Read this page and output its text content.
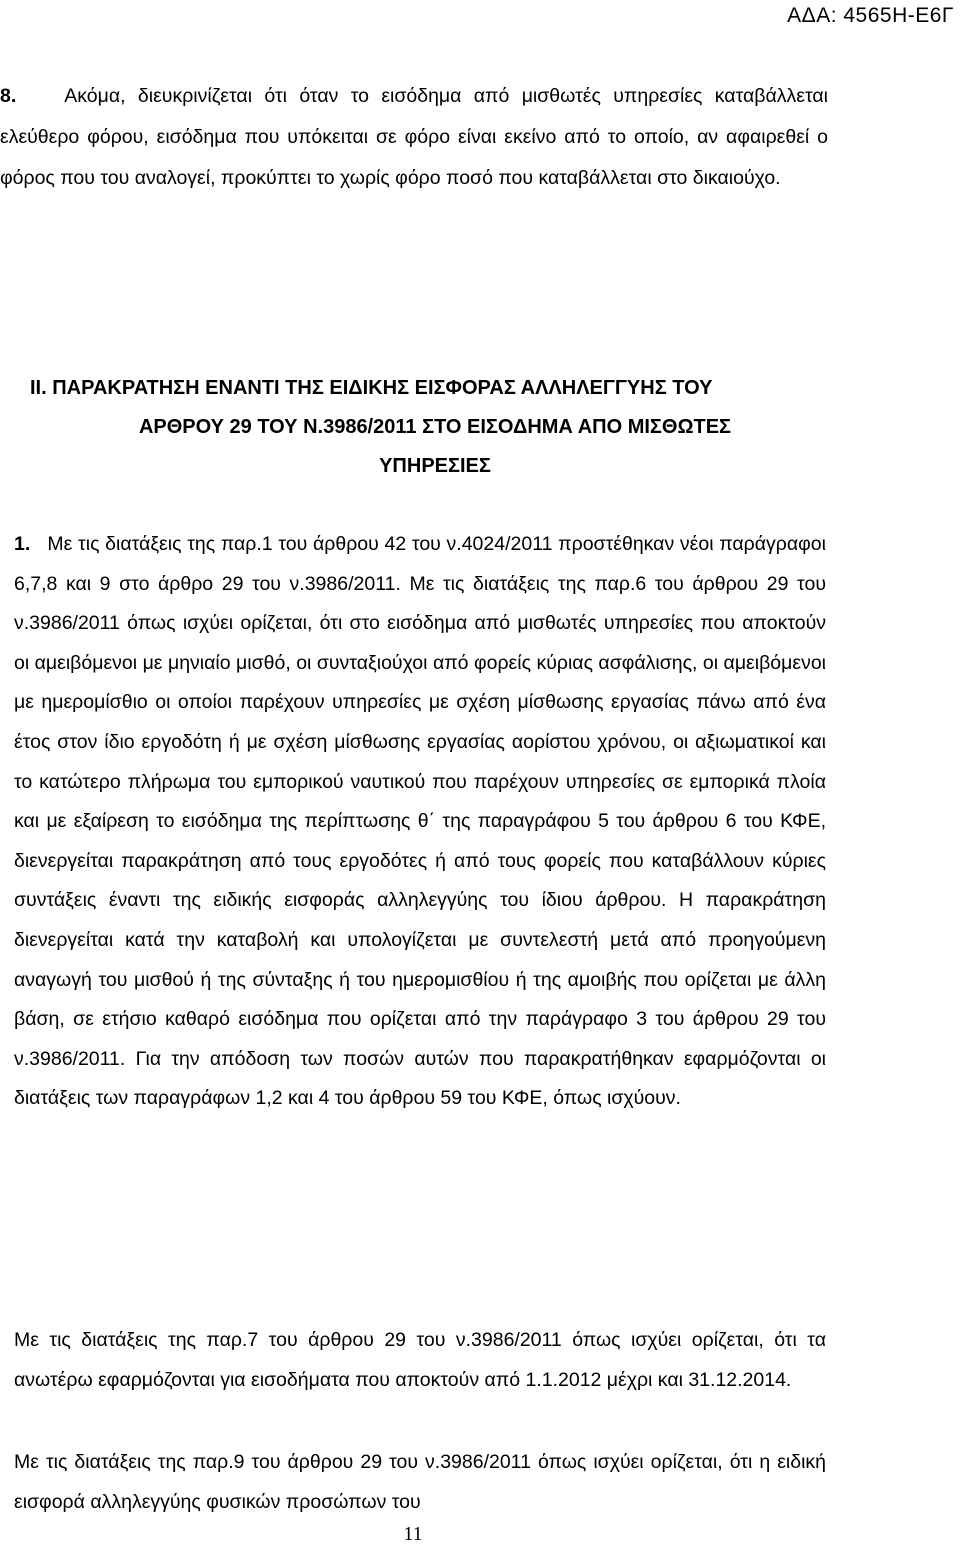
ΑΔΑ: 4565Η-Ε6Γ

8. Ακόμα, διευκρινίζεται ότι όταν το εισόδημα από μισθωτές υπηρεσίες καταβάλλεται ελεύθερο φόρου, εισόδημα που υπόκειται σε φόρο είναι εκείνο από το οποίο, αν αφαιρεθεί ο φόρος που του αναλογεί, προκύπτει το χωρίς φόρο ποσό που καταβάλλεται στο δικαιούχο.

ΙΙ. ΠΑΡΑΚΡΑΤΗΣΗ ΕΝΑΝΤΙ ΤΗΣ ΕΙΔΙΚΗΣ ΕΙΣΦΟΡΑΣ ΑΛΛΗΛΕΓΓΥΗΣ ΤΟΥ
ΑΡΘΡΟΥ 29 ΤΟΥ Ν.3986/2011 ΣΤΟ ΕΙΣΟΔΗΜΑ ΑΠΟ ΜΙΣΘΩΤΕΣ
ΥΠΗΡΕΣΙΕΣ

1. Με τις διατάξεις της παρ.1 του άρθρου 42 του ν.4024/2011 προστέθηκαν νέοι παράγραφοι 6,7,8 και 9 στο άρθρο 29 του ν.3986/2011. Με τις διατάξεις της παρ.6 του άρθρου 29 του ν.3986/2011 όπως ισχύει ορίζεται, ότι στο εισόδημα από μισθωτές υπηρεσίες που αποκτούν οι αμειβόμενοι με μηνιαίο μισθό, οι συνταξιούχοι από φορείς κύριας ασφάλισης, οι αμειβόμενοι με ημερομίσθιο οι οποίοι παρέχουν υπηρεσίες με σχέση μίσθωσης εργασίας πάνω από ένα έτος στον ίδιο εργοδότη ή με σχέση μίσθωσης εργασίας αορίστου χρόνου, οι αξιωματικοί και το κατώτερο πλήρωμα του εμπορικού ναυτικού που παρέχουν υπηρεσίες σε εμπορικά πλοία και με εξαίρεση το εισόδημα της περίπτωσης θ΄ της παραγράφου 5 του άρθρου 6 του ΚΦΕ, διενεργείται παρακράτηση από τους εργοδότες ή από τους φορείς που καταβάλλουν κύριες συντάξεις έναντι της ειδικής εισφοράς αλληλεγγύης του ίδιου άρθρου. Η παρακράτηση διενεργείται κατά την καταβολή και υπολογίζεται με συντελεστή μετά από προηγούμενη αναγωγή του μισθού ή της σύνταξης ή του ημερομισθίου ή της αμοιβής που ορίζεται με άλλη βάση, σε ετήσιο καθαρό εισόδημα που ορίζεται από την παράγραφο 3 του άρθρου 29 του ν.3986/2011. Για την απόδοση των ποσών αυτών που παρακρατήθηκαν εφαρμόζονται οι διατάξεις των παραγράφων 1,2 και 4 του άρθρου 59 του ΚΦΕ, όπως ισχύουν.

Με τις διατάξεις της παρ.7 του άρθρου 29 του ν.3986/2011 όπως ισχύει ορίζεται, ότι τα ανωτέρω εφαρμόζονται για εισοδήματα που αποκτούν από 1.1.2012 μέχρι και 31.12.2014.

Με τις διατάξεις της παρ.9 του άρθρου 29 του ν.3986/2011 όπως ισχύει ορίζεται, ότι η ειδική εισφορά αλληλεγγύης φυσικών προσώπων του

11
